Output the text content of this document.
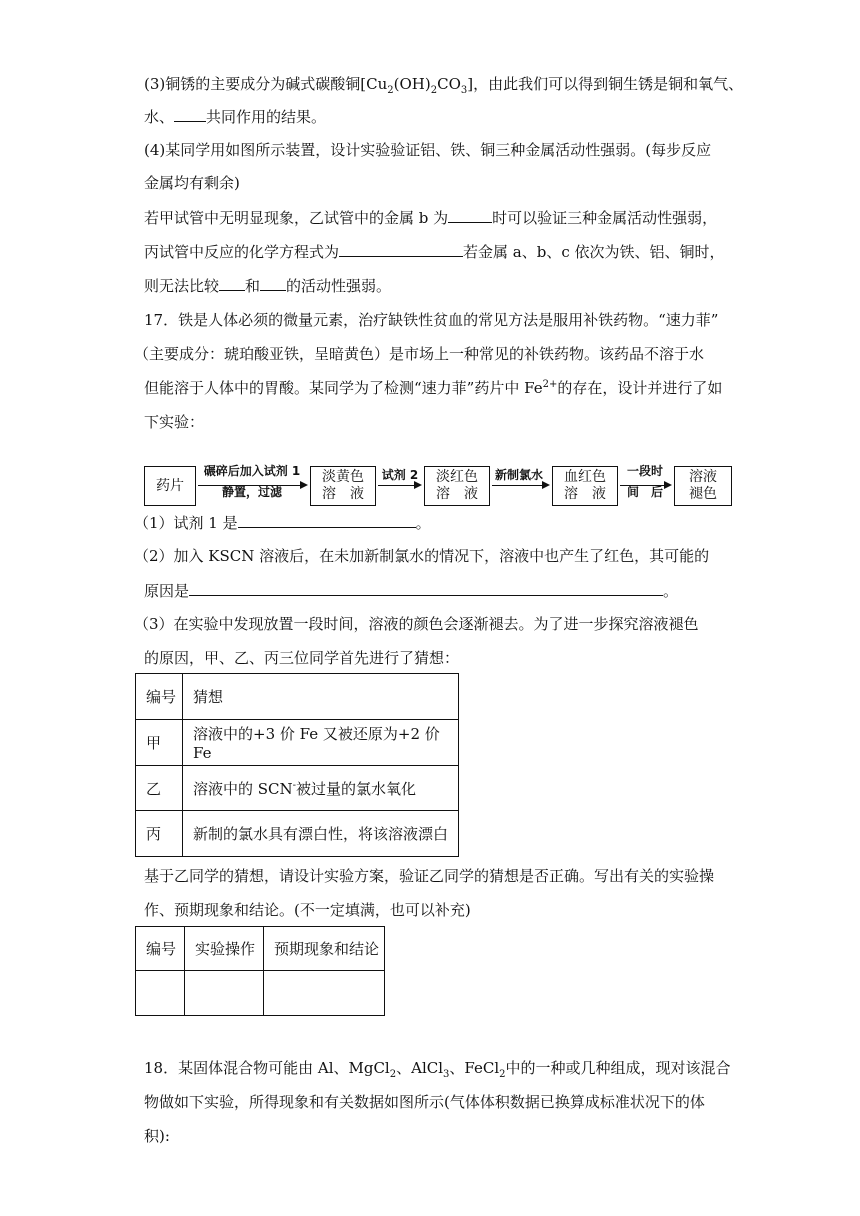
(3)铜锈的主要成分为碱式碳酸铜$[Cu_2(OH)_2CO_3]$，由此我们可以得到铜生锈是铜和氧气、
水、 共同作用的结果。
(4)某同学用如图所示装置，设计实验验证铝、铁、铜三种金属活动性强弱。(每步反应
金属均有剩余)
若甲试管中无明显现象，乙试管中的金属 b 为	时可以验证三种金属活动性强弱，
丙试管中反应的化学方程式为	若金属 a、b、c 依次为铁、铝、铜时，
则无法比较 和 的活动性强弱。
17．铁是人体必须的微量元素，治疗缺铁性贫血的常见方法是服用补铁药物。“速力菲”
（主要成分：琥珀酸亚铁，呈暗黄色）是市场上一种常见的补铁药物。该药品不溶于水
但能溶于人体中的胃酸。某同学为了检测“速力菲”药片中 $Fe^{2+}$的存在，设计并进行了如
下实验：
药片
碾碎后加入试剂 1
静置，过滤
淡黄色
溶　液
试剂 2	淡红色
溶　液
新制氯水 血红色
溶　液
一段时
间　后
溶液
褪色
（1）试剂 1 是	。
（2）加入 KSCN 溶液后，在未加新制氯水的情况下，溶液中也产生了红色，其可能的
原因是	。
（3）在实验中发现放置一段时间，溶液的颜色会逐渐褪去。为了进一步探究溶液褪色
的原因，甲、乙、丙三位同学首先进行了猜想：
编号	猜想
甲	溶液中的+3 价 Fe 又被还原为+2 价 Fe
乙	溶液中的 SCN-被过量的氯水氧化
丙	新制的氯水具有漂白性，将该溶液漂白
基于乙同学的猜想，请设计实验方案，验证乙同学的猜想是否正确。写出有关的实验操
作、预期现象和结论。(不一定填满，也可以补充)
编号	实验操作	预期现象和结论

18．某固体混合物可能由 Al、MgCl$_2$、AlCl$_3$、FeCl$_2$中的一种或几种组成，现对该混合
物做如下实验，所得现象和有关数据如图所示(气体体积数据已换算成标准状况下的体
积):
